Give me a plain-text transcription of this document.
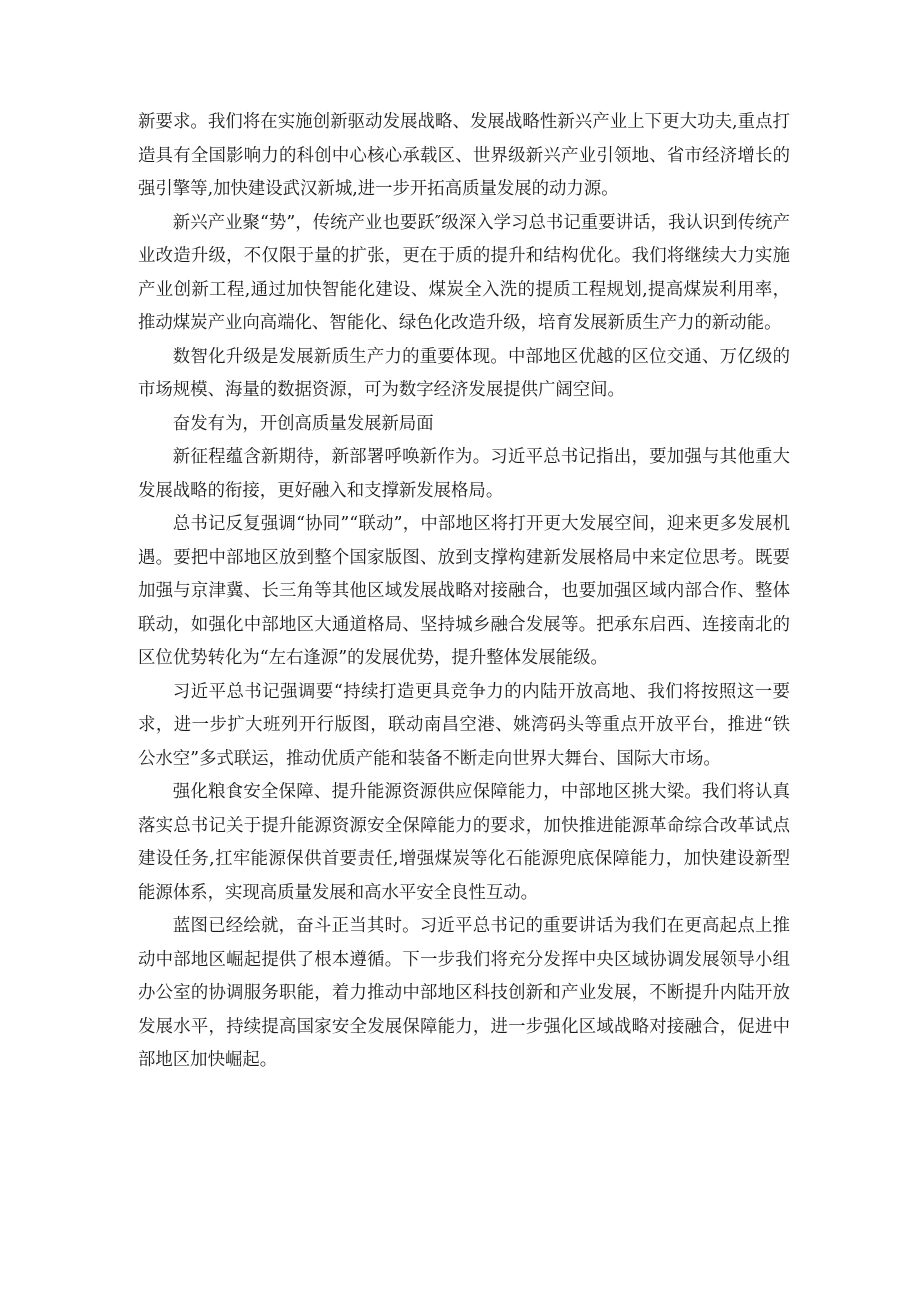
新要求。我们将在实施创新驱动发展战略、发展战略性新兴产业上下更大功夫,重点打造具有全国影响力的科创中心核心承载区、世界级新兴产业引领地、省市经济增长的强引擎等,加快建设武汉新城,进一步开拓高质量发展的动力源。

新兴产业聚“势”，传统产业也要跃″级深入学习总书记重要讲话，我认识到传统产业改造升级，不仅限于量的扩张，更在于质的提升和结构优化。我们将继续大力实施产业创新工程,通过加快智能化建设、煤炭全入洗的提质工程规划,提高煤炭利用率，推动煤炭产业向高端化、智能化、绿色化改造升级，培育发展新质生产力的新动能。

数智化升级是发展新质生产力的重要体现。中部地区优越的区位交通、万亿级的市场规模、海量的数据资源，可为数字经济发展提供广阔空间。

奋发有为，开创高质量发展新局面

新征程蕴含新期待，新部署呼唤新作为。习近平总书记指出，要加强与其他重大发展战略的衔接，更好融入和支撑新发展格局。

总书记反复强调“协同”“联动”，中部地区将打开更大发展空间，迎来更多发展机遇。要把中部地区放到整个国家版图、放到支撑构建新发展格局中来定位思考。既要加强与京津冀、长三角等其他区域发展战略对接融合，也要加强区域内部合作、整体联动，如强化中部地区大通道格局、坚持城乡融合发展等。把承东启西、连接南北的区位优势转化为“左右逢源”的发展优势，提升整体发展能级。

习近平总书记强调要“持续打造更具竞争力的内陆开放高地、我们将按照这一要求，进一步扩大班列开行版图，联动南昌空港、姚湾码头等重点开放平台，推进“铁公水空”多式联运，推动优质产能和装备不断走向世界大舞台、国际大市场。

强化粮食安全保障、提升能源资源供应保障能力，中部地区挑大梁。我们将认真落实总书记关于提升能源资源安全保障能力的要求，加快推进能源革命综合改革试点建设任务,扛牢能源保供首要责任,增强煤炭等化石能源兜底保障能力，加快建设新型能源体系，实现高质量发展和高水平安全良性互动。

蓝图已经绘就，奋斗正当其时。习近平总书记的重要讲话为我们在更高起点上推动中部地区崛起提供了根本遵循。下一步我们将充分发挥中央区域协调发展领导小组办公室的协调服务职能，着力推动中部地区科技创新和产业发展，不断提升内陆开放发展水平，持续提高国家安全发展保障能力，进一步强化区域战略对接融合，促进中部地区加快崛起。
